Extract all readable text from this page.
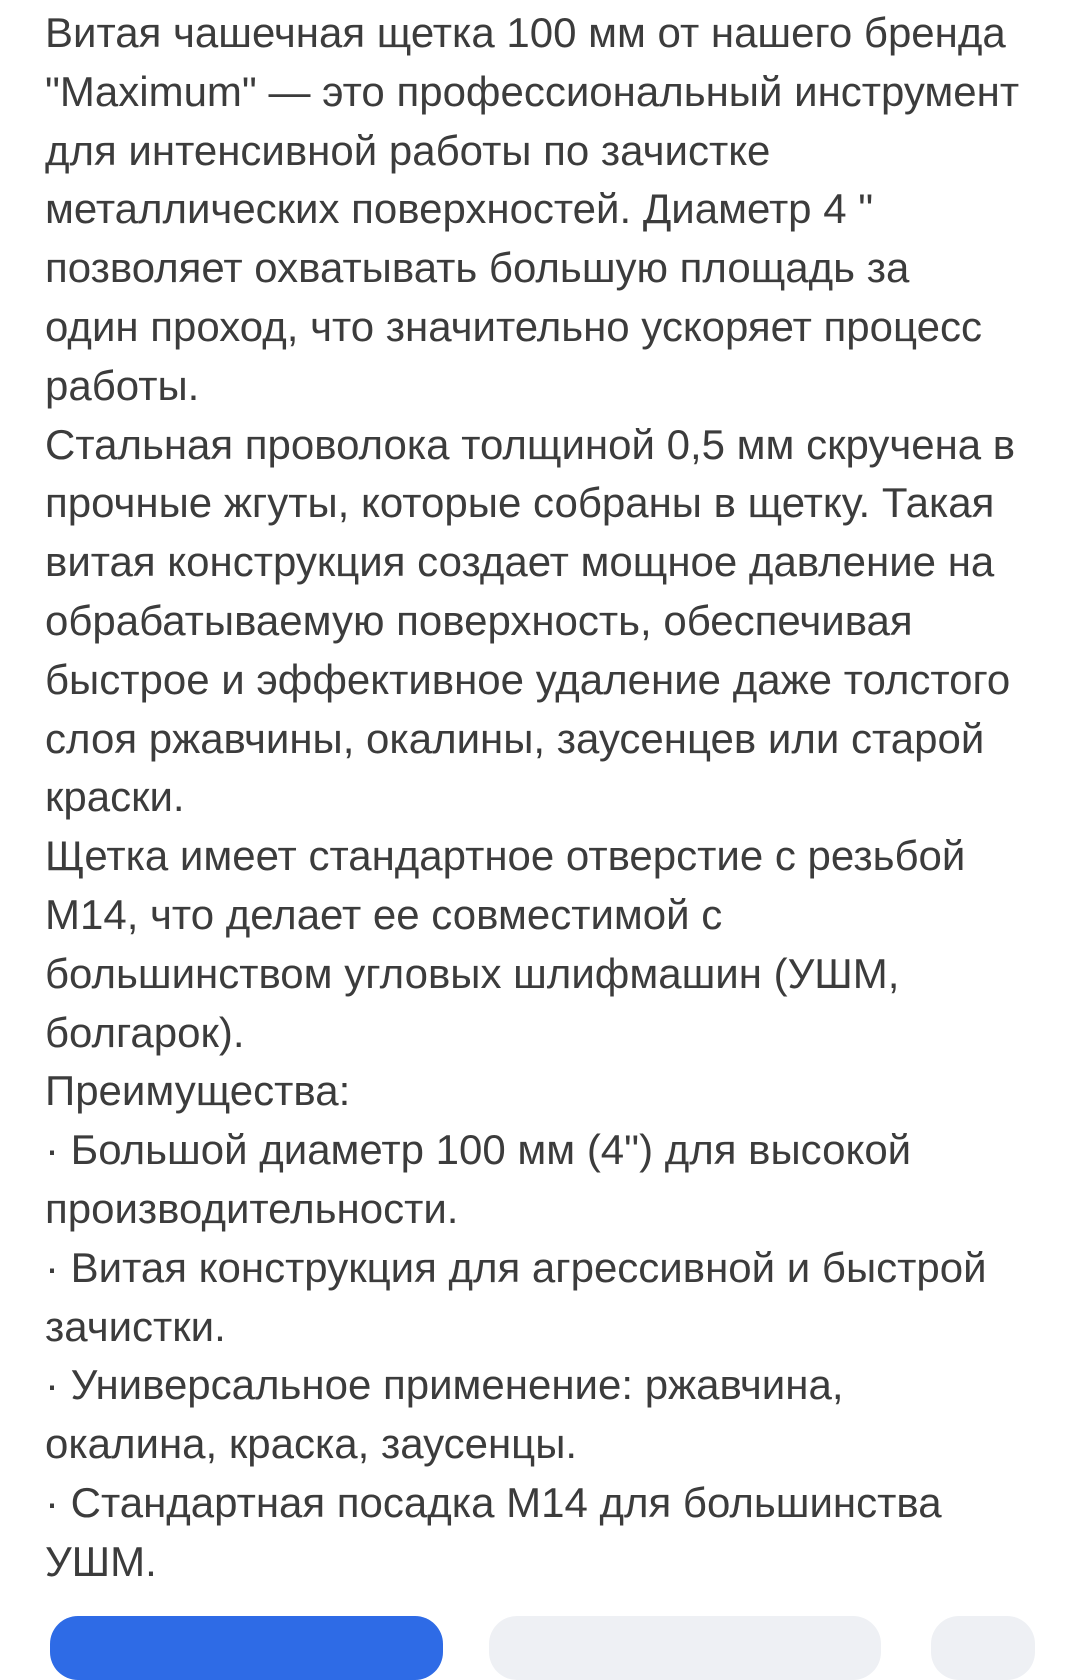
Витая чашечная щетка 100 мм от нашего бренда
"Maximum" — это профессиональный инструмент
для интенсивной работы по зачистке
металлических поверхностей. Диаметр 4 "
позволяет охватывать большую площадь за
один проход, что значительно ускоряет процесс
работы.
Стальная проволока толщиной 0,5 мм скручена в
прочные жгуты, которые собраны в щетку. Такая
витая конструкция создает мощное давление на
обрабатываемую поверхность, обеспечивая
быстрое и эффективное удаление даже толстого
слоя ржавчины, окалины, заусенцев или старой
краски.
Щетка имеет стандартное отверстие с резьбой
М14, что делает ее совместимой с
большинством угловых шлифмашин (УШМ,
болгарок).
Преимущества:
· Большой диаметр 100 мм (4") для высокой
производительности.
· Витая конструкция для агрессивной и быстрой
зачистки.
· Универсальное применение: ржавчина,
окалина, краска, заусенцы.
· Стандартная посадка М14 для большинства
УШМ.
